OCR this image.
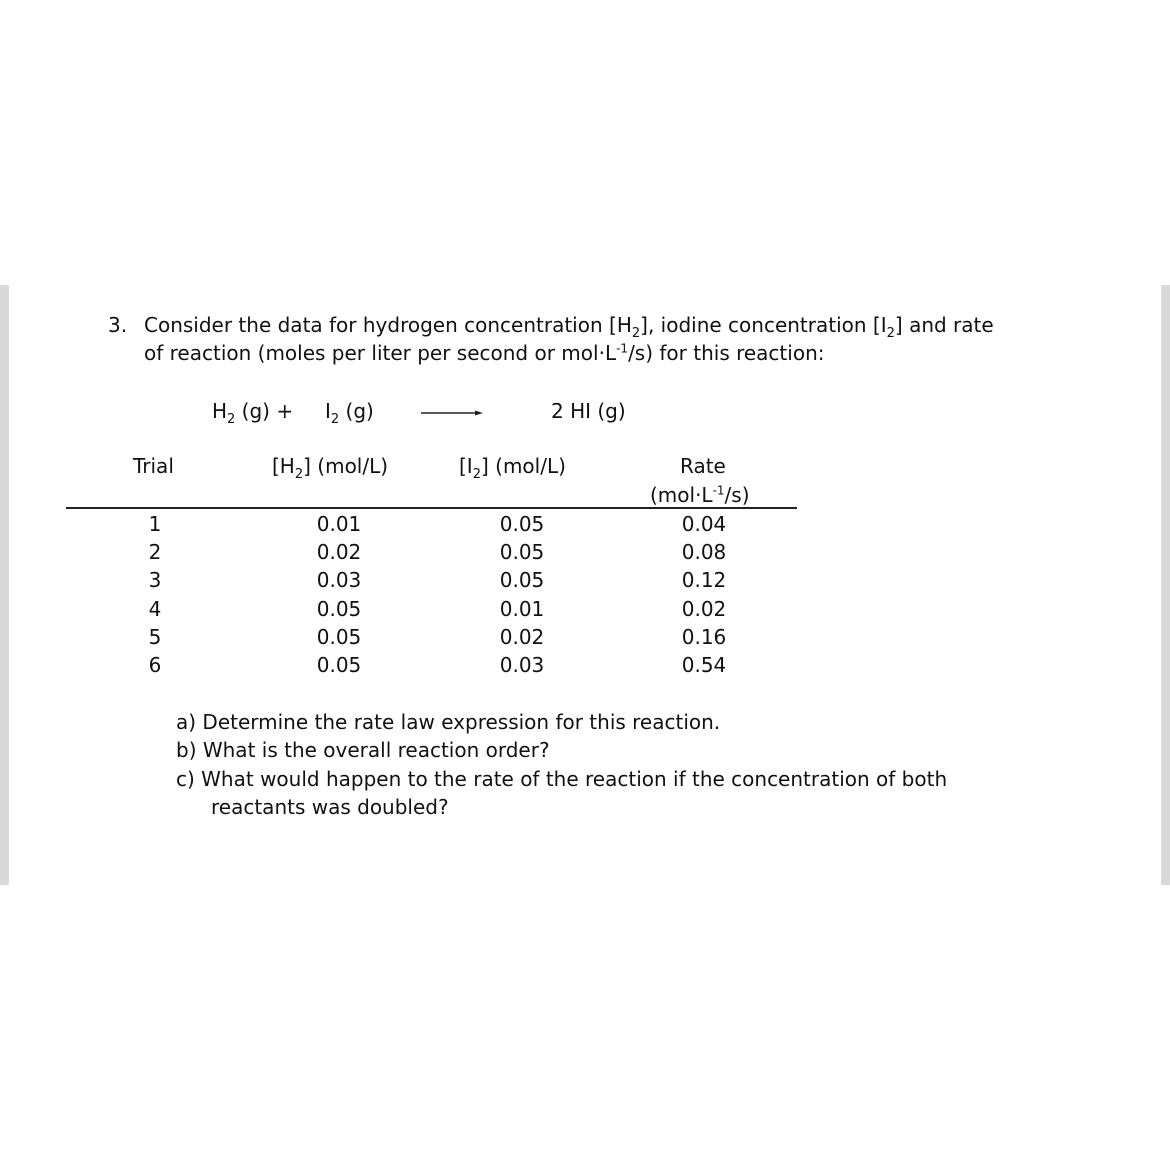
3. Consider the data for hydrogen concentration $[H_2]$, iodine concentration $[I_2]$ and rate

of reaction (moles per liter per second or $mol\cdot L^{-1}/s$) for this reaction:

$H_2$ $(g) + I_2$ (g)	2 HI (g)

Trial	$[H_2]$ (mol/L)	$[I_2]$ (mol/L)	Rate

$(mol\cdot L^{-1}/s)$

1	0.01	0.05	0.04
2	0.02	0.05	0.08
3	0.03	0.05	0.12
4	0.05	0.01	0.02
5	0.05	0.02	0.16
6	0.05	0.03	0.54

a) Determine the rate law expression for this reaction.

b) What is the overall reaction order?

c) What would happen to the rate of the reaction if the concentration of both

reactants was doubled?
